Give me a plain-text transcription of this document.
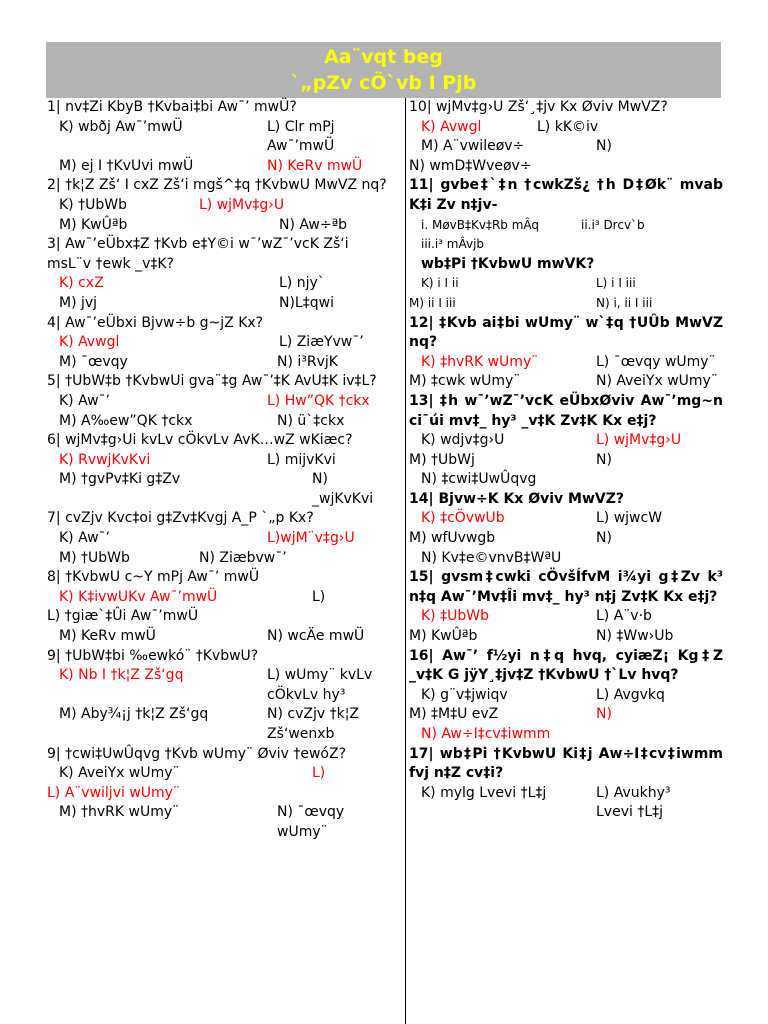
Aa¨vqt beg
`„pZv cÖ`vb I Pjb
1| nv‡Zi KbyB †Kvbai‡bi Aw¯’ mwÜ?
K) wbðj Aw¯’mwÜ	L) Clr mPj Aw¯’mwÜ
M) ej I †KvUvi mwÜ	N) KeRv mwÜ
2| †k¦Z Zš‘ I cxZ Zš‘i mgš^‡q †KvbwU MwVZ nq?
K) †UbWb	L) wjMv‡g›U
M) KwÛªb	N) Aw÷ªb
3| Aw¯’eÜbx‡Z †Kvb e‡Y©i w¯’wZ¯’vcK Zš‘i msL¨v †ewk _v‡K?
K) cxZ	L) njy`
M) jvj	N)L‡qwi
4| Aw¯’eÜbxi Bjvw÷b g~jZ Kx?
K) Avwgl	L) ZiæYvw¯’
M) ¯œvqy	N) i³RvjK
5| †UbW‡b †KvbwUi gva¨‡g Aw¯’‡K AvU‡K iv‡L?
K) Aw¯’	L) Hw”QK †ckx
M) A‰ew”QK †ckx	N) ü`‡ckx
6| wjMv‡g›Ui kvLv cÖkvLv AvK…wZ wKiæc?
K) RvwjKvKvi	L) mijvKvi
M) †gvPv‡Ki g‡Zv	N) _wjKvKvi
7| cvZjv Kvc‡oi g‡Zv‡Kvgj A_P `„p Kx?
K) Aw¯’	L)wjM¨v‡g›U
M) †UbWb	N) Ziæbvw¯’
8| †KvbwU c~Y mPj Aw¯’ mwÜ
K) K‡ivwUKv Aw¯’mwÜ	L)
L) †giæ`‡Ûi Aw¯’mwÜ
M) KeRv mwÜ	N) wcÄe mwÜ
9| †UbW‡bi ‰ewkó¨ †KvbwU?
K) Nb I †k¦Z Zš‘gq	L) wUmy¨ kvLv cÖkvLv hy³
M) Aby¾¡j †k¦Z Zš‘gq	N) cvZjv †k¦Z Zš‘wenxb
9| †cwi‡UwÛqvg †Kvb wUmy¨ Øviv †ewóZ?
K) AveiYx wUmy¨	L)
L) A¨vwiljvi wUmy¨
M) †hvRK wUmy¨	N) ¯œvqy wUmy¨
10| wjMv‡g›U Zš‘¸‡jv Kx Øviv MwVZ?
K) Avwgl	L) kK©iv
M) A¨vwileøv÷	N)
N) wmD‡Wveøv÷
11| gvbe‡`‡n †cwkZš¿ †h D‡Øk¨ mvab K‡i Zv n‡jv-
i. MøvB‡Kv‡Rb mÂq	ii.i³ Drcv`b
iii.i³ mÂvjb
wb‡Pi †KvbwU mwVK?
K) i I ii	L) i I iii
M) ii I iii	N) i, ii I iii
12| ‡Kvb ai‡bi wUmy¨ w`‡q †UÛb MwVZ nq?
K) ‡hvRK wUmy¨	L) ¯œvqy wUmy¨
M) ‡cwk wUmy¨	N) AveiYx wUmy¨
13| ‡h w¯’wZ¯’vcK eÜbxØviv Aw¯’mg~n ci¯úi mv‡_ hy³ _v‡K Zv‡K Kx e‡j?
K) wdjv‡g›U	L) wjMv‡g›U
M) †UbWj	N)
N) ‡cwi‡UwÛqvg
14| Bjvw÷K Kx Øviv MwVZ?
K) ‡cÖvwUb	L) wjwcW
M) wfUvwgb	N)
N) Kv‡e©vnvB‡WªU
15| gvsm‡cwki cÖvšÍfvM i¾yi g‡Zv k³ n‡q Aw¯’Mv‡Îi mv‡_ hy³ n‡j Zv‡K Kx e‡j?
K) ‡UbWb	L) A¨v·b
M) KwÛªb	N) ‡Ww›Ub
16| Aw¯’ f½yi n‡q hvq, cyiæZ¡ Kg‡Z _v‡K G jÿY¸‡jv‡Z †KvbwU †`Lv hvq?
K) g¨v‡jwiqv	L) Avgvkq
M) ‡M‡U evZ	N)
N) Aw÷I‡cv‡iwmm
17| wb‡Pi †KvbwU Ki‡j Aw÷I‡cv‡iwmm fvj n‡Z cv‡i?
K) mylg Lvevi †L‡j	L) Avukhy³ Lvevi †L‡j
